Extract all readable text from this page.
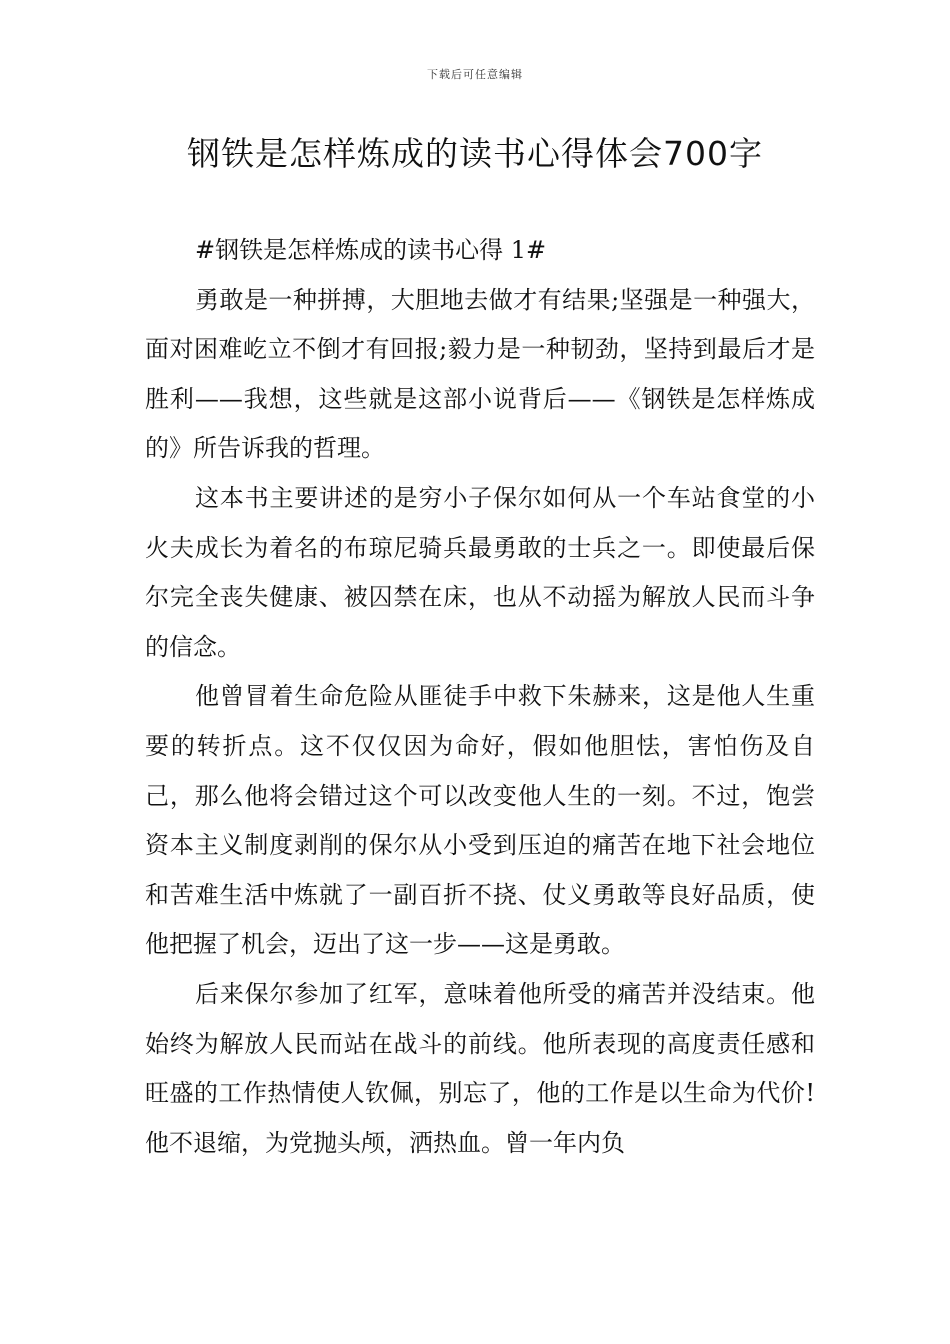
下载后可任意编辑
钢铁是怎样炼成的读书心得体会700字

#钢铁是怎样炼成的读书心得 1#

勇敢是一种拼搏，大胆地去做才有结果;坚强是一种强大，面对困难屹立不倒才有回报;毅力是一种韧劲，坚持到最后才是胜利——我想，这些就是这部小说背后——《钢铁是怎样炼成的》所告诉我的哲理。

这本书主要讲述的是穷小子保尔如何从一个车站食堂的小火夫成长为着名的布琼尼骑兵最勇敢的士兵之一。即使最后保尔完全丧失健康、被囚禁在床，也从不动摇为解放人民而斗争的信念。

他曾冒着生命危险从匪徒手中救下朱赫来，这是他人生重要的转折点。这不仅仅因为命好，假如他胆怯，害怕伤及自己，那么他将会错过这个可以改变他人生的一刻。不过，饱尝资本主义制度剥削的保尔从小受到压迫的痛苦在地下社会地位和苦难生活中炼就了一副百折不挠、仗义勇敢等良好品质，使他把握了机会，迈出了这一步——这是勇敢。

后来保尔参加了红军，意味着他所受的痛苦并没结束。他始终为解放人民而站在战斗的前线。他所表现的高度责任感和旺盛的工作热情使人钦佩，别忘了，他的工作是以生命为代价!他不退缩，为党抛头颅，洒热血。曾一年内负
